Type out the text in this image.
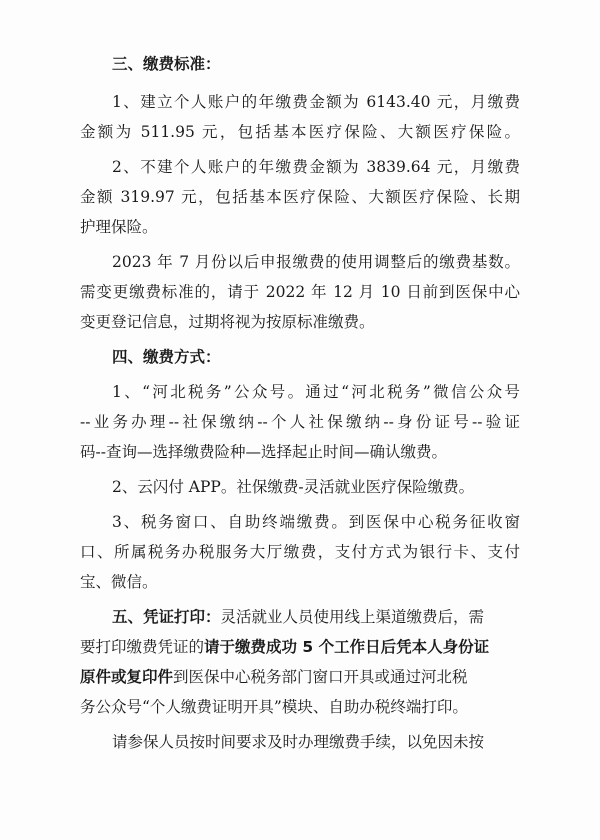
三、缴费标准：
1、建立个人账户的年缴费金额为 6143.40 元，月缴费
金额为 511.95 元，包括基本医疗保险、大额医疗保险。
2、不建个人账户的年缴费金额为 3839.64 元，月缴费
金额 319.97 元，包括基本医疗保险、大额医疗保险、长期
护理保险。
2023 年 7 月份以后申报缴费的使用调整后的缴费基数。
需变更缴费标准的，请于 2022 年 12 月 10 日前到医保中心
变更登记信息，过期将视为按原标准缴费。
四、缴费方式：
1、“河北税务”公众号。通过“河北税务”微信公众号
--业务办理--社保缴纳--个人社保缴纳--身份证号--验证
码--查询—选择缴费险种—选择起止时间—确认缴费。
2、云闪付 APP。社保缴费-灵活就业医疗保险缴费。
3、税务窗口、自助终端缴费。到医保中心税务征收窗
口、所属税务办税服务大厅缴费，支付方式为银行卡、支付
宝、微信。
五、凭证打印：灵活就业人员使用线上渠道缴费后，需
要打印缴费凭证的请于缴费成功 5 个工作日后凭本人身份证
原件或复印件到医保中心税务部门窗口开具或通过河北税
务公众号“个人缴费证明开具”模块、自助办税终端打印。
请参保人员按时间要求及时办理缴费手续，以免因未按
